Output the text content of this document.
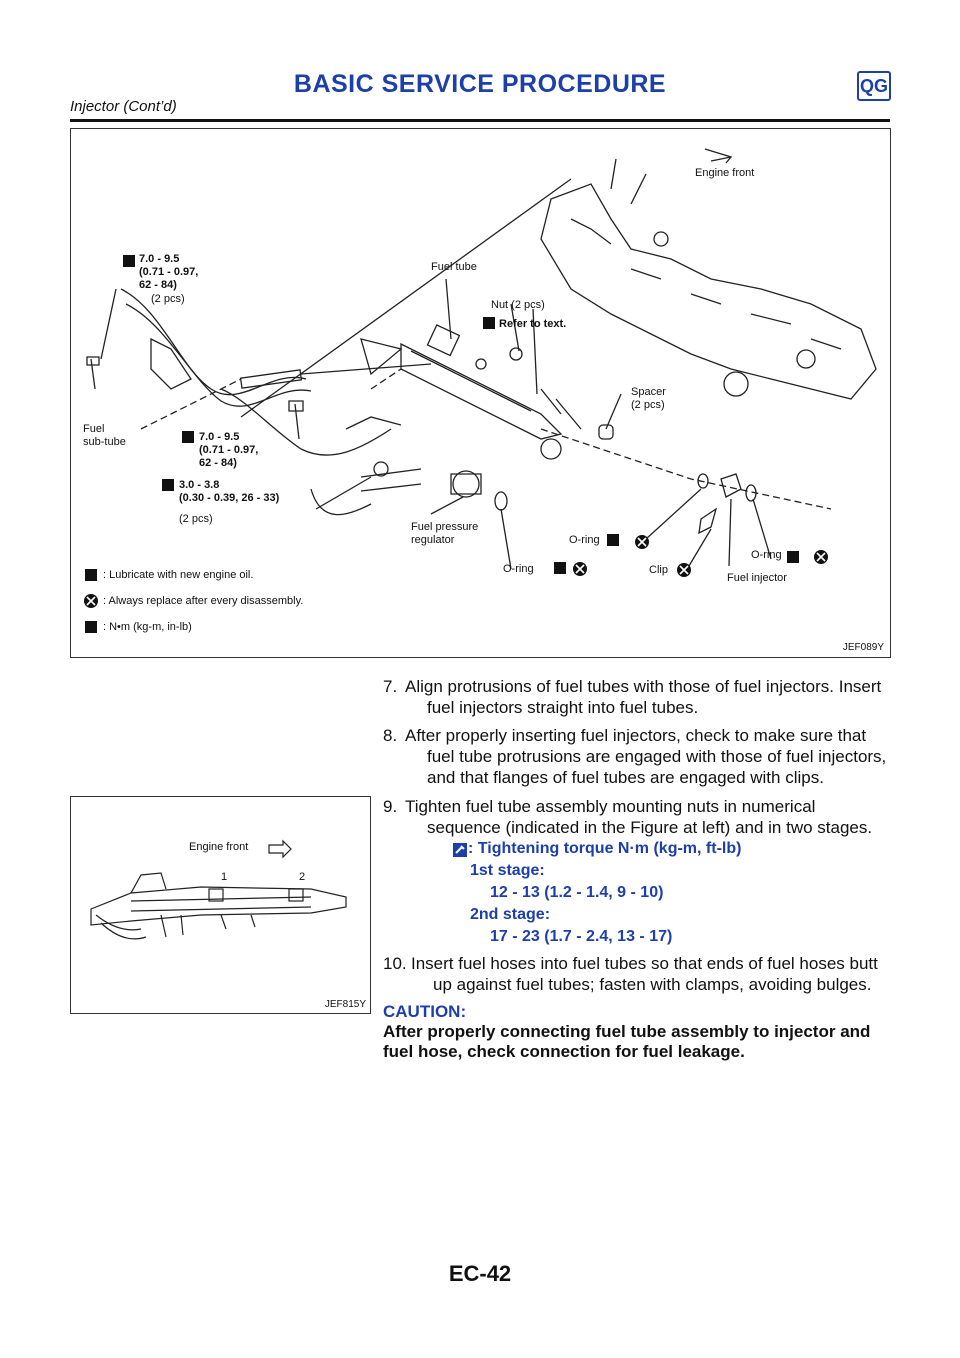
BASIC SERVICE PROCEDURE	QG
Injector (Cont’d)
Engine front
7.0 - 9.5
(0.71 - 0.97,
62 - 84)
(2 pcs)
Fuel tube
Nut (2 pcs)
Refer to text.
Spacer
(2 pcs)
Fuel
sub-tube	7.0 - 9.5
(0.71 - 0.97,
62 - 84)
3.0 - 3.8
(0.30 - 0.39, 26 - 33)
(2 pcs)
Fuel pressure
regulator	O-ring
O-ring
O-ring
Clip
Fuel injector
: Lubricate with new engine oil.
: Always replace after every disassembly.
: N•m (kg-m, in-lb)
JEF089Y
7. Align protrusions of fuel tubes with those of fuel injectors. Insert fuel injectors straight into fuel tubes.
8. After properly inserting fuel injectors, check to make sure that fuel tube protrusions are engaged with those of fuel injectors, and that flanges of fuel tubes are engaged with clips.
Engine front
1	2
JEF815Y
9. Tighten fuel tube assembly mounting nuts in numerical sequence (indicated in the Figure at left) and in two stages.
: Tightening torque N·m (kg-m, ft-lb)
1st stage:
12 - 13 (1.2 - 1.4, 9 - 10)
2nd stage:
17 - 23 (1.7 - 2.4, 13 - 17)
10. Insert fuel hoses into fuel tubes so that ends of fuel hoses butt up against fuel tubes; fasten with clamps, avoiding bulges.
CAUTION:
After properly connecting fuel tube assembly to injector and fuel hose, check connection for fuel leakage.
EC-42
